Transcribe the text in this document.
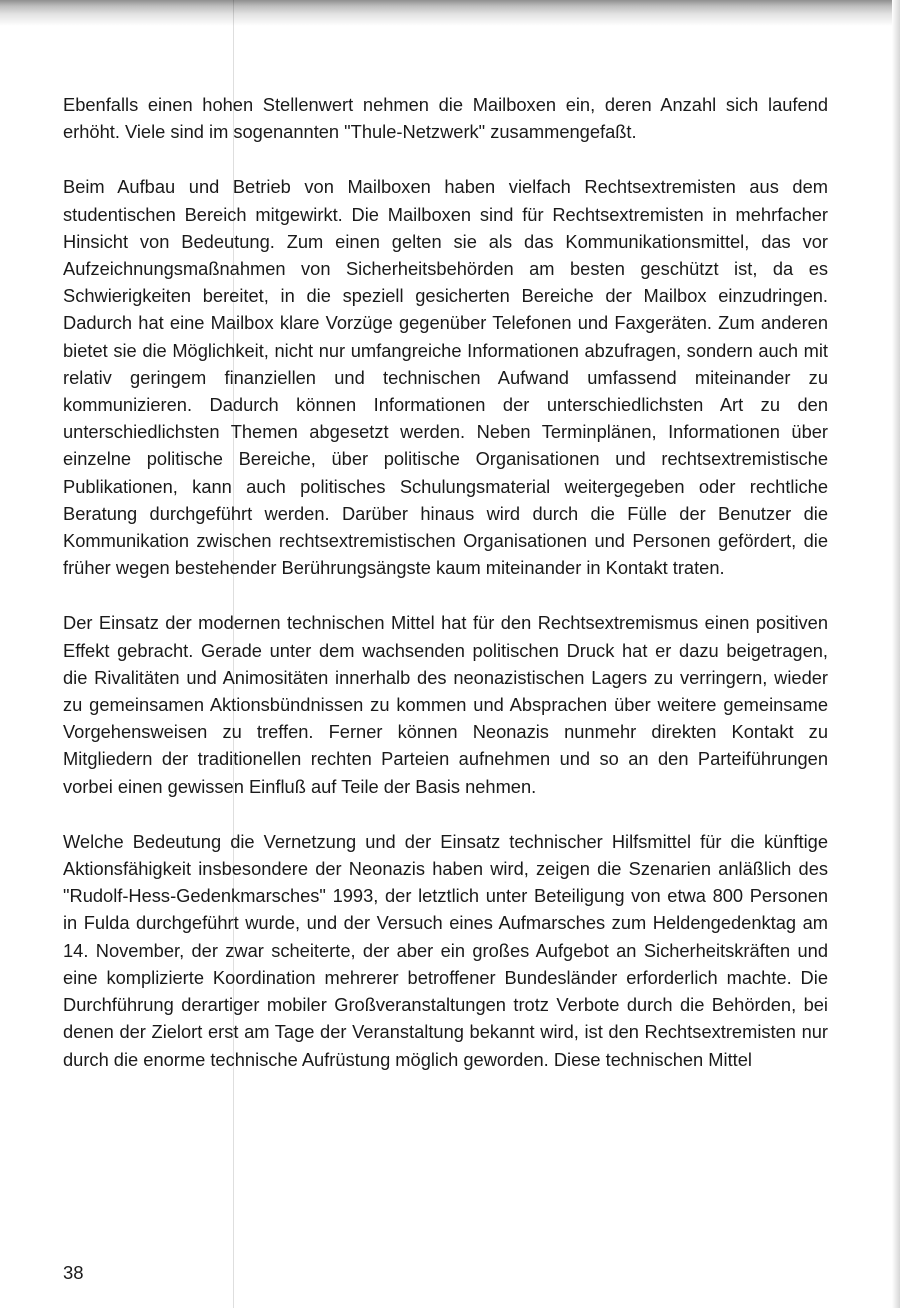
Ebenfalls einen hohen Stellenwert nehmen die Mailboxen ein, deren Anzahl sich laufend erhöht. Viele sind im sogenannten "Thule-Netzwerk" zusammengefaßt.

Beim Aufbau und Betrieb von Mailboxen haben vielfach Rechtsextremisten aus dem studentischen Bereich mitgewirkt. Die Mailboxen sind für Rechtsextremisten in mehrfacher Hinsicht von Bedeutung. Zum einen gelten sie als das Kommunikationsmittel, das vor Aufzeichnungsmaßnahmen von Sicherheitsbehörden am besten geschützt ist, da es Schwierigkeiten bereitet, in die speziell gesicherten Bereiche der Mailbox einzudringen. Dadurch hat eine Mailbox klare Vorzüge gegenüber Telefonen und Faxgeräten. Zum anderen bietet sie die Möglichkeit, nicht nur umfangreiche Informationen abzufragen, sondern auch mit relativ geringem finanziellen und technischen Aufwand umfassend miteinander zu kommunizieren. Dadurch können Informationen der unterschiedlichsten Art zu den unterschiedlichsten Themen abgesetzt werden. Neben Terminplänen, Informationen über einzelne politische Bereiche, über politische Organisationen und rechtsextremistische Publikationen, kann auch politisches Schulungsmaterial weitergegeben oder rechtliche Beratung durchgeführt werden. Darüber hinaus wird durch die Fülle der Benutzer die Kommunikation zwischen rechtsextremistischen Organisationen und Personen gefördert, die früher wegen bestehender Berührungsängste kaum miteinander in Kontakt traten.

Der Einsatz der modernen technischen Mittel hat für den Rechtsextremismus einen positiven Effekt gebracht. Gerade unter dem wachsenden politischen Druck hat er dazu beigetragen, die Rivalitäten und Animositäten innerhalb des neonazistischen Lagers zu verringern, wieder zu gemeinsamen Aktionsbündnissen zu kommen und Absprachen über weitere gemeinsame Vorgehensweisen zu treffen. Ferner können Neonazis nunmehr direkten Kontakt zu Mitgliedern der traditionellen rechten Parteien aufnehmen und so an den Parteiführungen vorbei einen gewissen Einfluß auf Teile der Basis nehmen.

Welche Bedeutung die Vernetzung und der Einsatz technischer Hilfsmittel für die künftige Aktionsfähigkeit insbesondere der Neonazis haben wird, zeigen die Szenarien anläßlich des "Rudolf-Hess-Gedenkmarsches" 1993, der letztlich unter Beteiligung von etwa 800 Personen in Fulda durchgeführt wurde, und der Versuch eines Aufmarsches zum Heldengedenktag am 14. November, der zwar scheiterte, der aber ein großes Aufgebot an Sicherheitskräften und eine komplizierte Koordination mehrerer betroffener Bundesländer erforderlich machte. Die Durchführung derartiger mobiler Großveranstaltungen trotz Verbote durch die Behörden, bei denen der Zielort erst am Tage der Veranstaltung bekannt wird, ist den Rechtsextremisten nur durch die enorme technische Aufrüstung möglich geworden. Diese technischen Mittel

38
